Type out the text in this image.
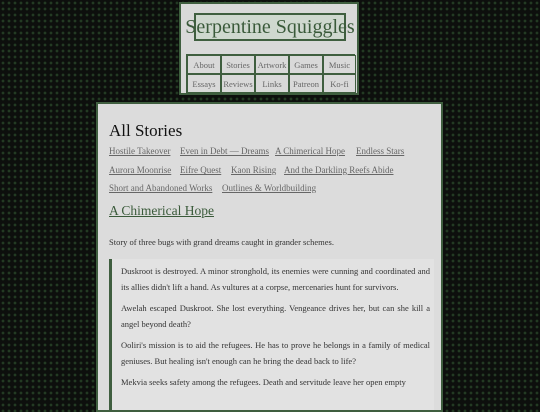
Serpentine Squiggles
About	Stories Artwork Games	Music
Essays Reviews	Links	Patreon	Ko-fi
All Stories
Hostile Takeover Even in Debt — Dreams A Chimerical Hope Endless Stars
Aurora Moonrise Eifre Quest Kaon Rising And the Darkling Reefs Abide
Short and Abandoned Works Outlines & Worldbuilding
A Chimerical Hope

Story of three bugs with grand dreams caught in grander schemes.

Duskroot is destroyed. A minor stronghold, its enemies were cunning and coordinated and its allies didn't lift a hand. As vultures at a corpse, mercenaries hunt for survivors.

Awelah escaped Duskroot. She lost everything. Vengeance drives her, but can she kill a angel beyond death?

Ooliri's mission is to aid the refugees. He has to prove he belongs in a family of medical geniuses. But healing isn't enough can he bring the dead back to life?

Mekvia seeks safety among the refugees. Death and servitude leave her open empty
